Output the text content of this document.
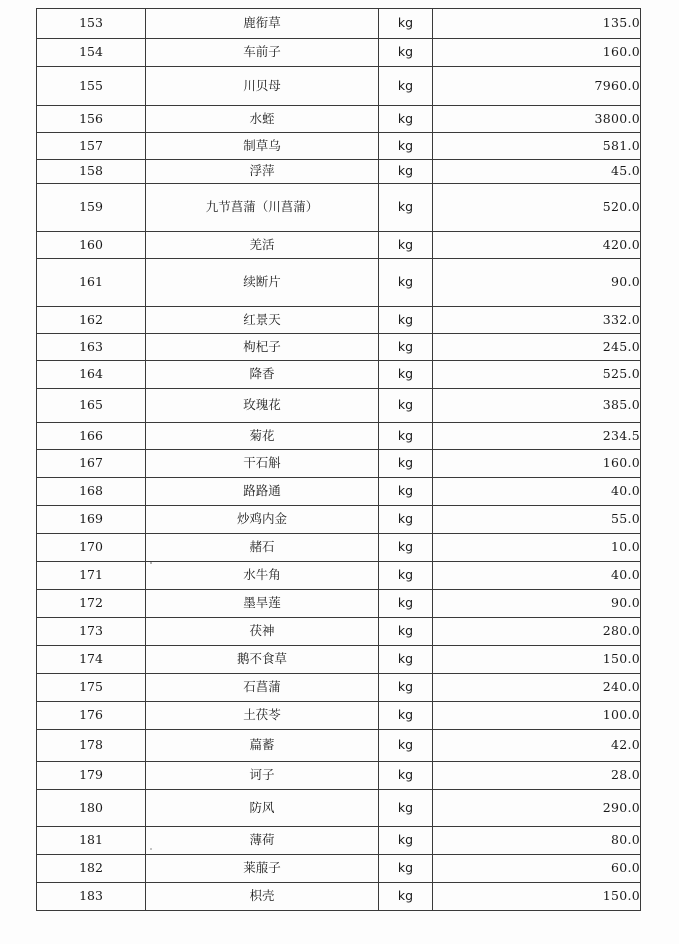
153	鹿衔草	kg	135.0
154	车前子	kg	160.0
155	川贝母	kg	7960.0
156	水蛭	kg	3800.0
157	制草乌	kg	581.0
158	浮萍	kg	45.0
159	九节菖蒲（川菖蒲）	kg	520.0
160	羌活	kg	420.0
161	续断片	kg	90.0
162	红景天	kg	332.0
163	枸杞子	kg	245.0
164	降香	kg	525.0
165	玫瑰花	kg	385.0
166	菊花	kg	234.5
167	干石斛	kg	160.0
168	路路通	kg	40.0
169	炒鸡内金	kg	55.0
170	赭石	kg	10.0
171	水牛角	kg	40.0
172	墨旱莲	kg	90.0
173	茯神	kg	280.0
174	鹅不食草	kg	150.0
175	石菖蒲	kg	240.0
176	土茯苓	kg	100.0
178	萹蓄	kg	42.0
179	诃子	kg	28.0
180	防风	kg	290.0
181	薄荷	kg	80.0
182	莱菔子	kg	60.0
183	枳壳	kg	150.0
